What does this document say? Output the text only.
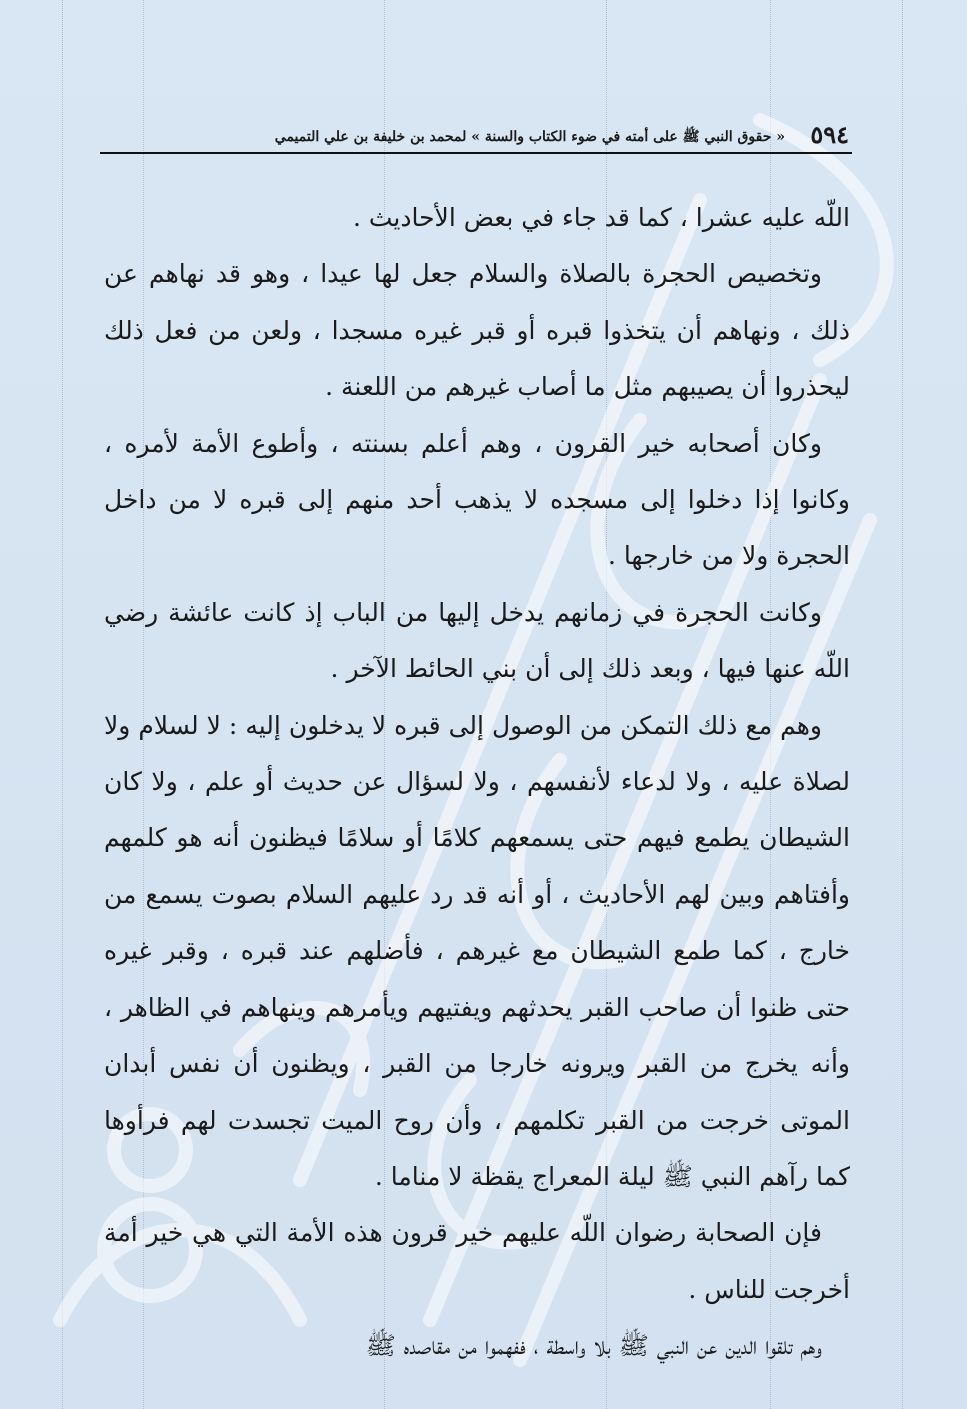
٥٩٤
« حقوق النبي ﷺ على أمته في ضوء الكتاب والسنة » لمحمد بن خليفة بن علي التميمي

اللّه عليه عشرا ، كما قد جاء في بعض الأحاديث .

وتخصيص الحجرة بالصلاة والسلام جعل لها عيدا ، وهو قد نهاهم عن ذلك ، ونهاهم أن يتخذوا قبره أو قبر غيره مسجدا ، ولعن من فعل ذلك ليحذروا أن يصيبهم مثل ما أصاب غيرهم من اللعنة .

وكان أصحابه خير القرون ، وهم أعلم بسنته ، وأطوع الأمة لأمره ، وكانوا إذا دخلوا إلى مسجده لا يذهب أحد منهم إلى قبره لا من داخل الحجرة ولا من خارجها .

وكانت الحجرة في زمانهم يدخل إليها من الباب إذ كانت عائشة رضي اللّه عنها فيها ، وبعد ذلك إلى أن بني الحائط الآخر .

وهم مع ذلك التمكن من الوصول إلى قبره لا يدخلون إليه : لا لسلام ولا لصلاة عليه ، ولا لدعاء لأنفسهم ، ولا لسؤال عن حديث أو علم ، ولا كان الشيطان يطمع فيهم حتى يسمعهم كلامًا أو سلامًا فيظنون أنه هو كلمهم وأفتاهم وبين لهم الأحاديث ، أو أنه قد رد عليهم السلام بصوت يسمع من خارج ، كما طمع الشيطان مع غيرهم ، فأضلهم عند قبره ، وقبر غيره حتى ظنوا أن صاحب القبر يحدثهم ويفتيهم ويأمرهم وينهاهم في الظاهر ، وأنه يخرج من القبر ويرونه خارجا من القبر ، ويظنون أن نفس أبدان الموتى خرجت من القبر تكلمهم ، وأن روح الميت تجسدت لهم فرأوها كما رآهم النبي ﷺ ليلة المعراج يقظة لا مناما .

فإن الصحابة رضوان اللّه عليهم خير قرون هذه الأمة التي هي خير أمة أخرجت للناس .

وهم تلقوا الدين عن النبي ﷺ بلا واسطة ، ففهموا من مقاصده ﷺ
